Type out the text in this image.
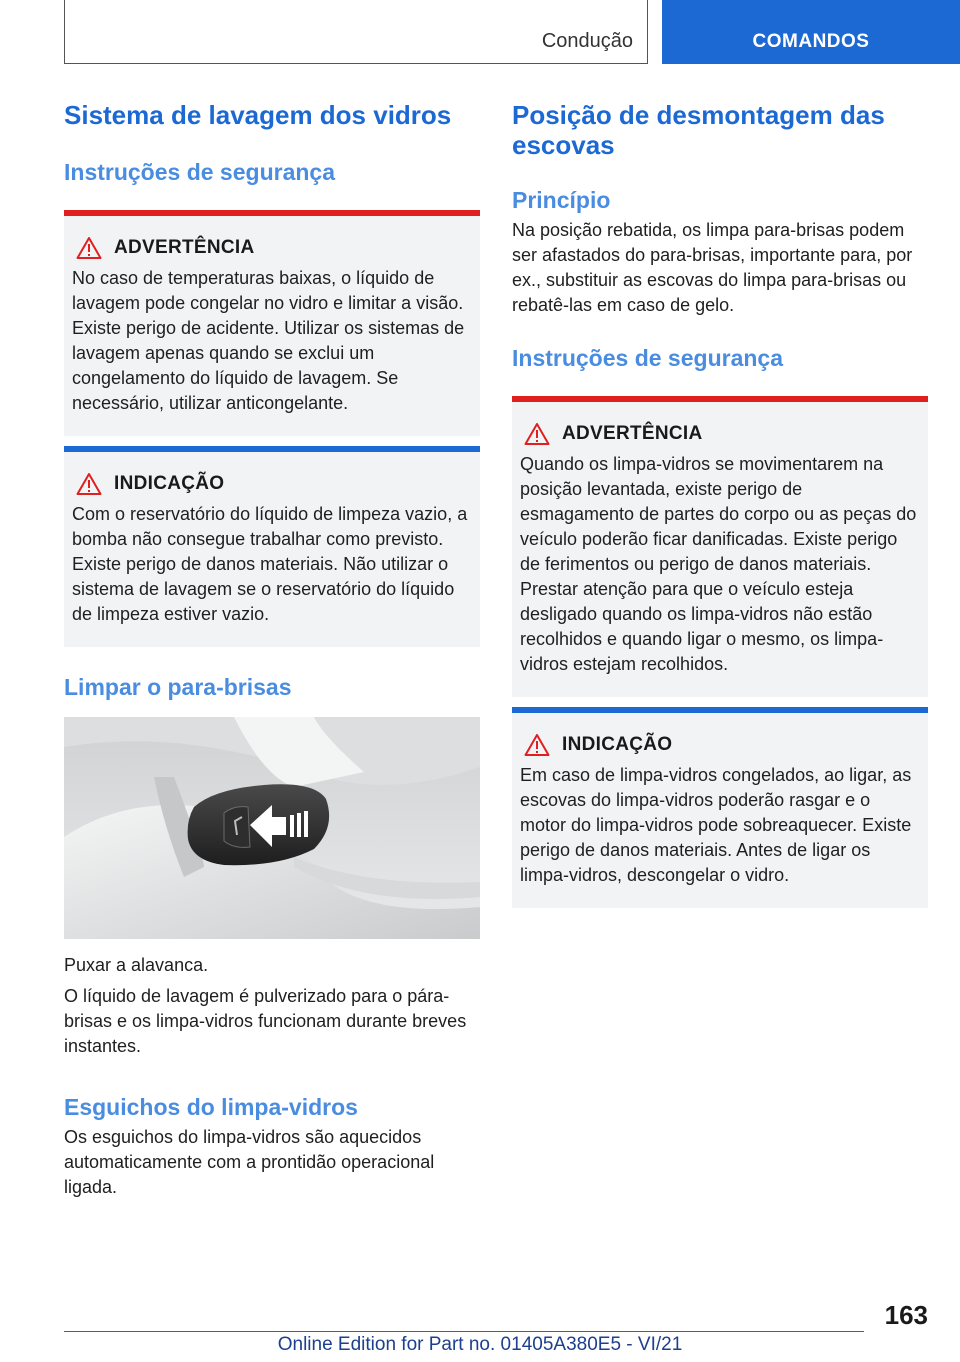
Condução	COMANDOS
Sistema de lavagem dos vidros
Instruções de segurança
ADVERTÊNCIA

No caso de temperaturas baixas, o líquido de lavagem pode congelar no vidro e limitar a visão. Existe perigo de acidente. Utilizar os sistemas de lavagem apenas quando se exclui um congelamento do líquido de lavagem. Se necessário, utilizar anticongelante.

INDICAÇÃO

Com o reservatório do líquido de limpeza vazio, a bomba não consegue trabalhar como previsto. Existe perigo de danos materiais. Não utilizar o sistema de lavagem se o reservatório do líquido de limpeza estiver vazio.

Limpar o para-brisas

Puxar a alavanca.

O líquido de lavagem é pulverizado para o pára-brisas e os limpa-vidros funcionam durante breves instantes.

Esguichos do limpa-vidros

Os esguichos do limpa-vidros são aquecidos automaticamente com a prontidão operacional ligada.

Posição de desmontagem das escovas
Princípio

Na posição rebatida, os limpa para-brisas podem ser afastados do para-brisas, importante para, por ex., substituir as escovas do limpa para-brisas ou rebatê-las em caso de gelo.

Instruções de segurança
ADVERTÊNCIA

Quando os limpa-vidros se movimentarem na posição levantada, existe perigo de esmagamento de partes do corpo ou as peças do veículo poderão ficar danificadas. Existe perigo de ferimentos ou perigo de danos materiais. Prestar atenção para que o veículo esteja desligado quando os limpa-vidros não estão recolhidos e quando ligar o mesmo, os limpa-vidros estejam recolhidos.

INDICAÇÃO

Em caso de limpa-vidros congelados, ao ligar, as escovas do limpa-vidros poderão rasgar e o motor do limpa-vidros pode sobreaquecer. Existe perigo de danos materiais. Antes de ligar os limpa-vidros, descongelar o vidro.

163
Online Edition for Part no. 01405A380E5 - VI/21
